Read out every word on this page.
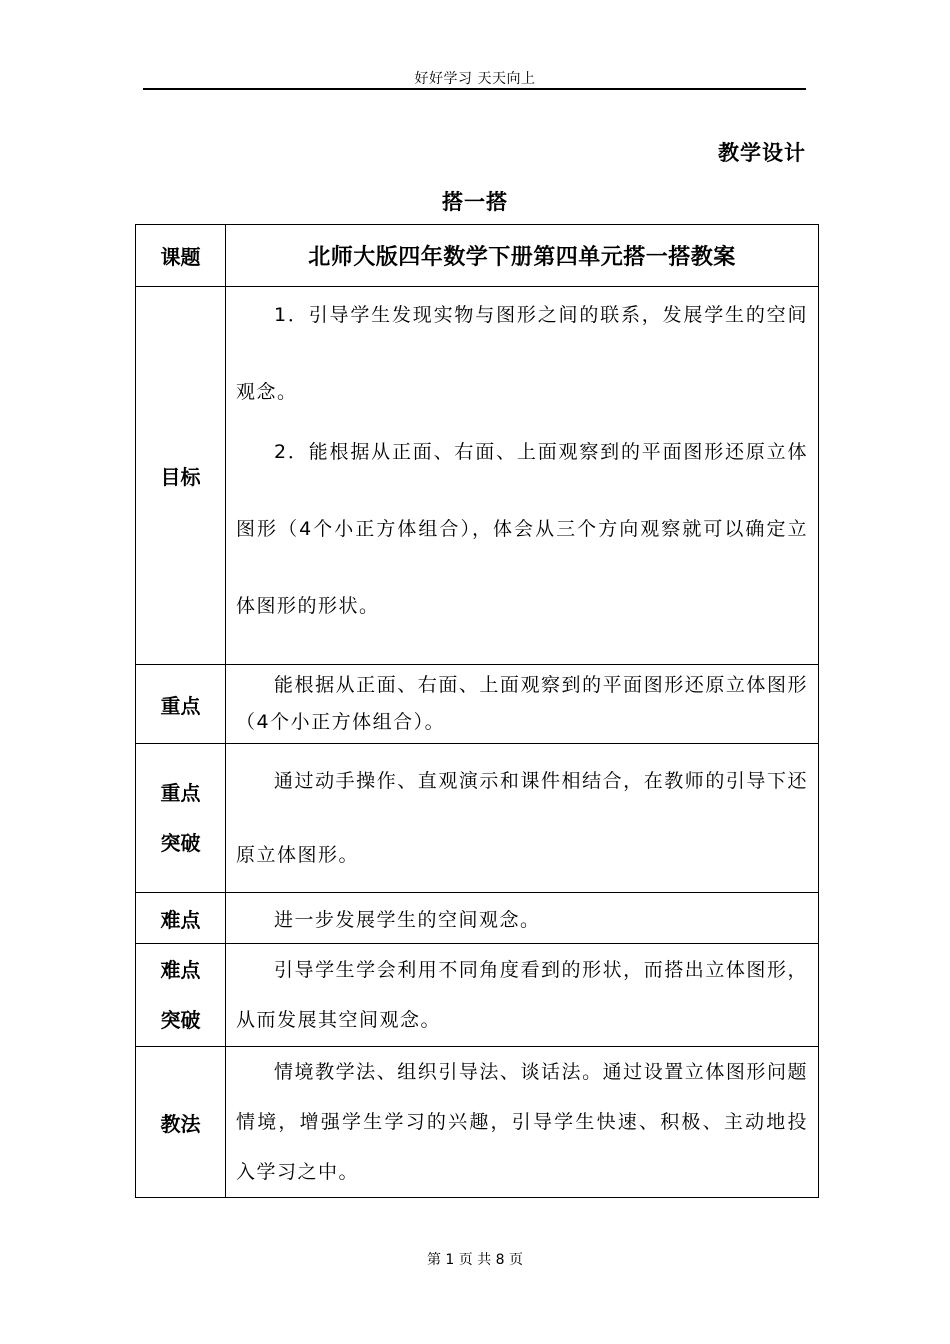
好好学习 天天向上
教学设计
搭一搭
课题	北师大版四年数学下册第四单元搭一搭教案
目标	1．引导学生发现实物与图形之间的联系，发展学生的空间观念。

2．能根据从正面、右面、上面观察到的平面图形还原立体图形（4个小正方体组合），体会从三个方向观察就可以确定立体图形的形状。

重点	能根据从正面、右面、上面观察到的平面图形还原立体图形（4个小正方体组合）。

重点
突破	通过动手操作、直观演示和课件相结合，在教师的引导下还原立体图形。

难点	进一步发展学生的空间观念。

难点
突破	引导学生学会利用不同角度看到的形状，而搭出立体图形，从而发展其空间观念。

教法	情境教学法、组织引导法、谈话法。通过设置立体图形问题情境，增强学生学习的兴趣，引导学生快速、积极、主动地投入学习之中。

第 1 页 共 8 页
